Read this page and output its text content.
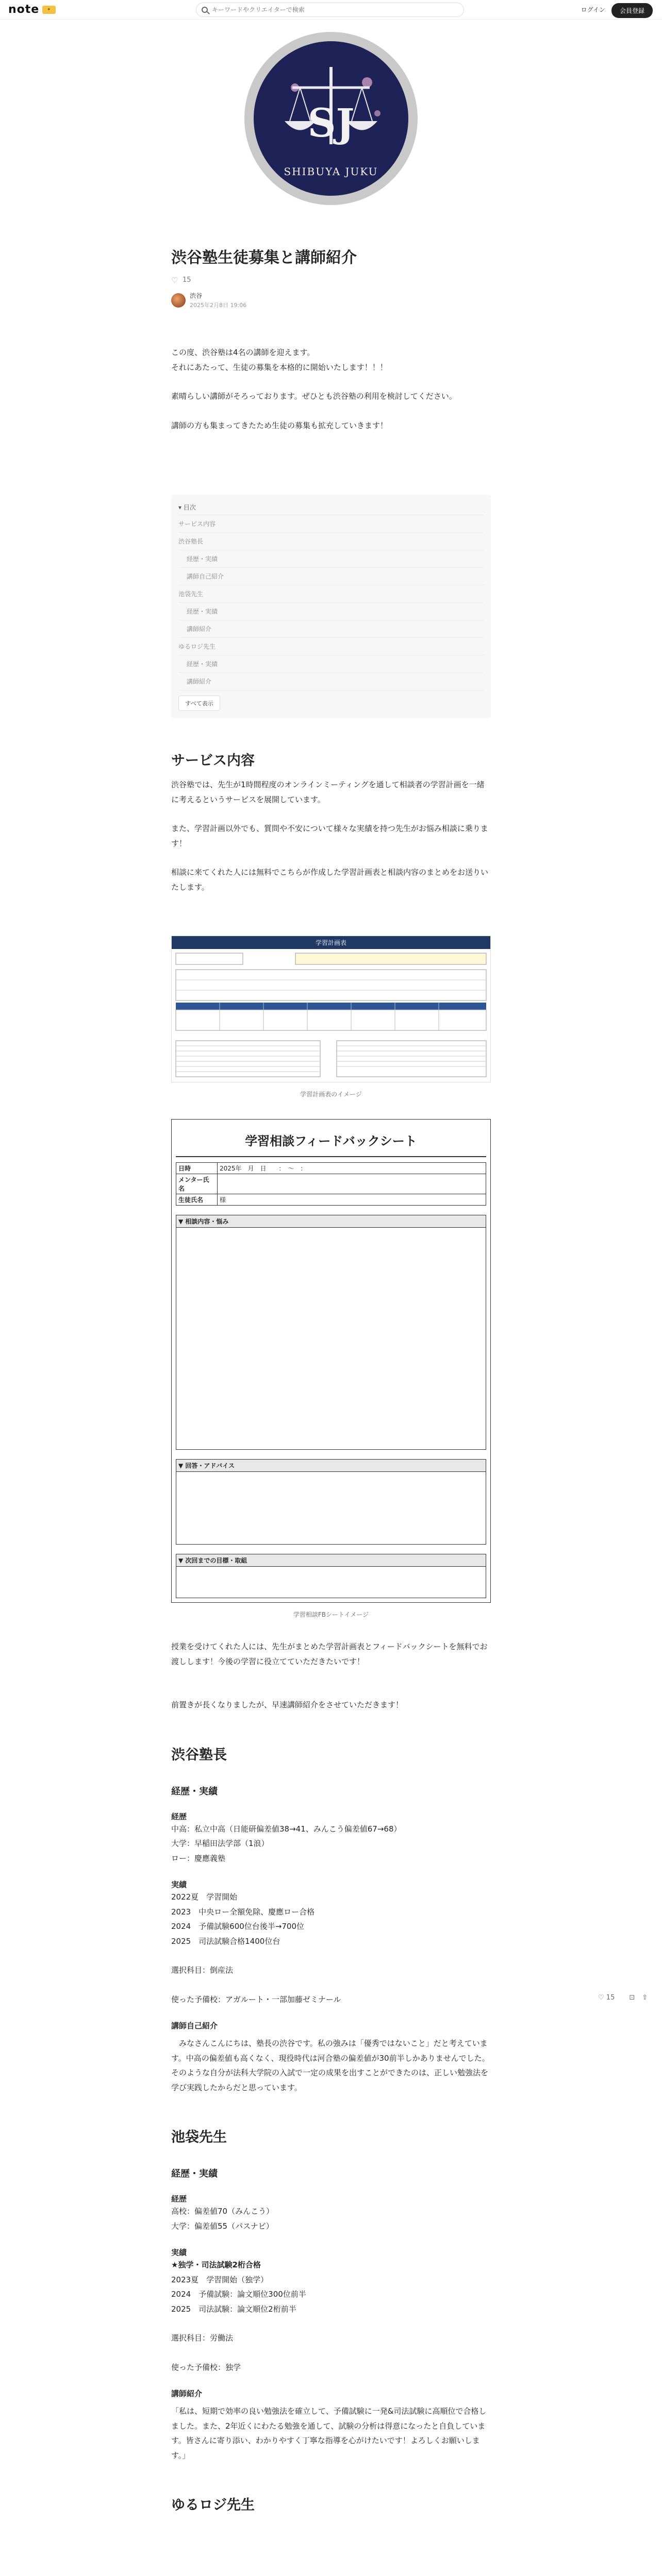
note	✦
キーワードやクリエイターで検索	ログイン	会員登録
SJ
SHIBUYA JUKU
渋谷塾生徒募集と講師紹介
♡ 15
渋谷
2025年2月8日 19:06

この度、渋谷塾は4名の講師を迎えます。

それにあたって、生徒の募集を本格的に開始いたします！！！

素晴らしい講師がそろっております。ぜひとも渋谷塾の利用を検討してください。

講師の方も集まってきたため生徒の募集も拡充していきます！

▾ 目次
サービス内容
渋谷塾長
経歴・実績
講師自己紹介
池袋先生
経歴・実績
講師紹介
ゆるロジ先生
経歴・実績
講師紹介
すべて表示
サービス内容

渋谷塾では、先生が1時間程度のオンラインミーティングを通して相談者の学習計画を一緒に考えるというサービスを展開しています。

また、学習計画以外でも、質問や不安について様々な実績を持つ先生がお悩み相談に乗ります！

相談に来てくれた人には無料でこちらが作成した学習計画表と相談内容のまとめをお送りいたします。

学習計画表

学習計画表のイメージ
学習相談フィードバックシート
日時	2025年　月　日　　：　～　：
メンター氏名
生徒氏名	様
▼ 相談内容・悩み
▼ 回答・アドバイス
▼ 次回までの目標・取組
学習相談FBシートイメージ

授業を受けてくれた人には、先生がまとめた学習計画表とフィードバックシートを無料でお渡しします！今後の学習に役立てていただきたいです！

前置きが長くなりましたが、早速講師紹介をさせていただきます！

渋谷塾長
経歴・実績
経歴

中高：私立中高（日能研偏差値38→41、みんこう偏差値67→68）

大学：早稲田法学部（1浪）

ロー：慶應義塾

実績

2022夏　学習開始

2023　中央ロー全額免除、慶應ロー合格

2024　予備試験600位台後半→700位

2025　司法試験合格1400位台

選択科目：倒産法

使った予備校：アガルート・一部加藤ゼミナール

講師自己紹介

　みなさんこんにちは、塾長の渋谷です。私の強みは「優秀ではないこと」だと考えています。中高の偏差値も高くなく、現役時代は河合塾の偏差値が30前半しかありませんでした。そのような自分が法科大学院の入試で一定の成果を出すことができたのは、正しい勉強法を学び実践したからだと思っています。

池袋先生
経歴・実績
経歴

高校：偏差値70（みんこう）

大学：偏差値55（パスナビ）

実績

★独学・司法試験2桁合格

2023夏　学習開始（独学）

2024　予備試験：論文順位300位前半

2025　司法試験：論文順位2桁前半

選択科目：労働法

使った予備校：独学

講師紹介

「私は、短期で効率の良い勉強法を確立して、予備試験に一発&司法試験に高順位で合格しました。また、2年近くにわたる勉強を通して、試験の分析は得意になったと自負しています。皆さんに寄り添い、わかりやすく丁寧な指導を心がけたいです！よろしくお願いします。」

ゆるロジ先生
♡ 15	⊡ ⇪
